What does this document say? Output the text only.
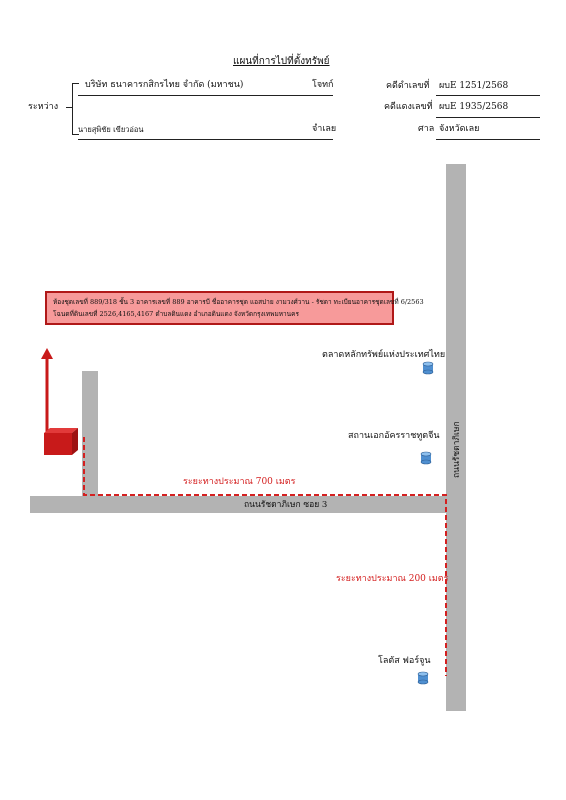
แผนที่การไปที่ตั้งทรัพย์
ระหว่าง
บริษัท ธนาคารกสิกรไทย จำกัด (มหาชน)	โจทก์
นายสุพิชัย เขียวอ่อน	จำเลย
คดีดำเลขที่ ผบE 1251/2568
คดีแดงเลขที่ ผบE 1935/2568
ศาล จังหวัดเลย
ถนนรัชดาภิเษก
ถนนรัชดาภิเษก ซอย 3
ห้องชุดเลขที่ 889/318 ชั้น 3 อาคารเลขที่ 889 อาคารบี ชื่ออาคารชุด แอสปาย งามวงศ์วาน - รัชดา ทะเบียนอาคารชุดเลขที่ 6/2563
โฉนดที่ดินเลขที่ 2526,4165,4167 ตำบลดินแดง อำเภอดินแดง จังหวัดกรุงเทพมหานคร
ระยะทางประมาณ 700 เมตร
ระยะทางประมาณ 200 เมตร
ตลาดหลักทรัพย์แห่งประเทศไทย
สถานเอกอัครราชทูตจีน
โลตัส ฟอร์จูน
